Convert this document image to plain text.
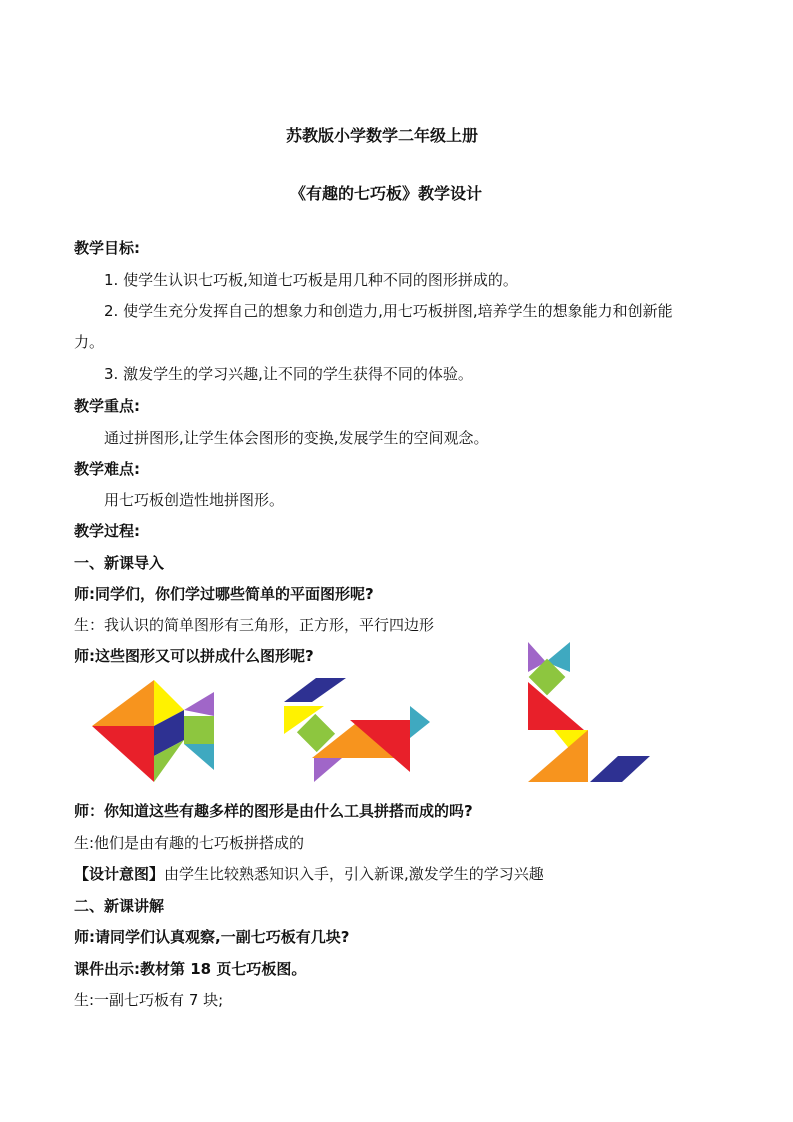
苏教版小学数学二年级上册
《有趣的七巧板》教学设计
教学目标:
1. 使学生认识七巧板,知道七巧板是用几种不同的图形拼成的。
2. 使学生充分发挥自己的想象力和创造力,用七巧板拼图,培养学生的想象能力和创新能
力。
3. 激发学生的学习兴趣,让不同的学生获得不同的体验。
教学重点:
通过拼图形,让学生体会图形的变换,发展学生的空间观念。
教学难点:
用七巧板创造性地拼图形。
教学过程:
一、新课导入
师:同学们，你们学过哪些简单的平面图形呢?
生：我认识的简单图形有三角形，正方形，平行四边形
师:这些图形又可以拼成什么图形呢?
师：你知道这些有趣多样的图形是由什么工具拼搭而成的吗?
生:他们是由有趣的七巧板拼搭成的
【设计意图】由学生比较熟悉知识入手，引入新课,激发学生的学习兴趣
二、新课讲解
师:请同学们认真观察,一副七巧板有几块?
课件出示:教材第 18 页七巧板图。
生:一副七巧板有 7 块;
